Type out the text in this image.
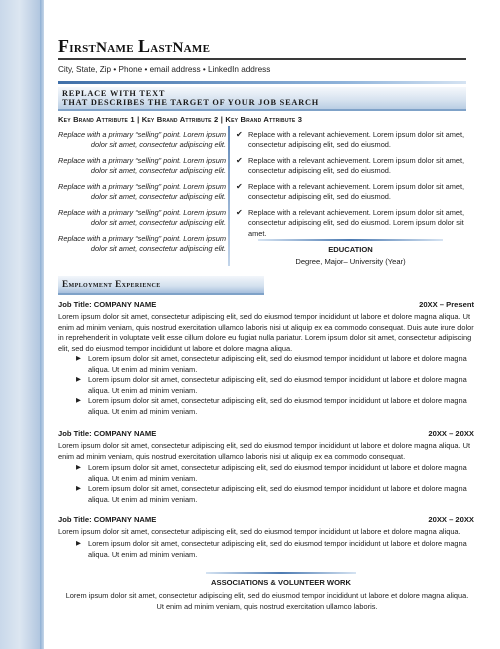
FirstName LastName
City, State, Zip • Phone • email address • LinkedIn address
REPLACE WITH TEXT
THAT DESCRIBES THE TARGET OF YOUR JOB SEARCH
Key Brand Attribute 1 | Key Brand Attribute 2 | Key Brand Attribute 3
Replace with a primary “selling” point. Lorem ipsum dolor sit amet, consectetur adipiscing elit.
Replace with a primary “selling” point. Lorem ipsum dolor sit amet, consectetur adipiscing elit.
Replace with a primary “selling” point. Lorem ipsum dolor sit amet, consectetur adipiscing elit.
Replace with a primary “selling” point. Lorem ipsum dolor sit amet, consectetur adipiscing elit.
Replace with a primary “selling” point. Lorem ipsum dolor sit amet, consectetur adipiscing elit.
✔ Replace with a relevant achievement. Lorem ipsum dolor sit amet, consectetur adipiscing elit, sed do eiusmod.
✔ Replace with a relevant achievement. Lorem ipsum dolor sit amet, consectetur adipiscing elit, sed do eiusmod.
✔ Replace with a relevant achievement. Lorem ipsum dolor sit amet, consectetur adipiscing elit, sed do eiusmod.
✔ Replace with a relevant achievement. Lorem ipsum dolor sit amet, consectetur adipiscing elit, sed do eiusmod. Lorem ipsum dolor sit amet.
EDUCATION
Degree, Major– University (Year)
Employment Experience
Job Title: COMPANY NAME	20XX – Present
Lorem ipsum dolor sit amet, consectetur adipiscing elit, sed do eiusmod tempor incididunt ut labore et dolore magna aliqua. Ut enim ad minim veniam, quis nostrud exercitation ullamco laboris nisi ut aliquip ex ea commodo consequat. Duis aute irure dolor in reprehenderit in voluptate velit esse cillum dolore eu fugiat nulla pariatur. Lorem ipsum dolor sit amet, consectetur adipiscing elit, sed do eiusmod tempor incididunt ut labore et dolore magna aliqua.
▶ Lorem ipsum dolor sit amet, consectetur adipiscing elit, sed do eiusmod tempor incididunt ut labore et dolore magna aliqua. Ut enim ad minim veniam.
▶ Lorem ipsum dolor sit amet, consectetur adipiscing elit, sed do eiusmod tempor incididunt ut labore et dolore magna aliqua. Ut enim ad minim veniam.
▶ Lorem ipsum dolor sit amet, consectetur adipiscing elit, sed do eiusmod tempor incididunt ut labore et dolore magna aliqua. Ut enim ad minim veniam.
Job Title: COMPANY NAME	20XX – 20XX
Lorem ipsum dolor sit amet, consectetur adipiscing elit, sed do eiusmod tempor incididunt ut labore et dolore magna aliqua. Ut enim ad minim veniam, quis nostrud exercitation ullamco laboris nisi ut aliquip ex ea commodo consequat.
▶ Lorem ipsum dolor sit amet, consectetur adipiscing elit, sed do eiusmod tempor incididunt ut labore et dolore magna aliqua. Ut enim ad minim veniam.
▶ Lorem ipsum dolor sit amet, consectetur adipiscing elit, sed do eiusmod tempor incididunt ut labore et dolore magna aliqua. Ut enim ad minim veniam.
Job Title: COMPANY NAME	20XX – 20XX
Lorem ipsum dolor sit amet, consectetur adipiscing elit, sed do eiusmod tempor incididunt ut labore et dolore magna aliqua.
▶ Lorem ipsum dolor sit amet, consectetur adipiscing elit, sed do eiusmod tempor incididunt ut labore et dolore magna aliqua. Ut enim ad minim veniam.
ASSOCIATIONS & VOLUNTEER WORK
Lorem ipsum dolor sit amet, consectetur adipiscing elit, sed do eiusmod tempor incididunt ut labore et dolore magna aliqua. Ut enim ad minim veniam, quis nostrud exercitation ullamco laboris.
